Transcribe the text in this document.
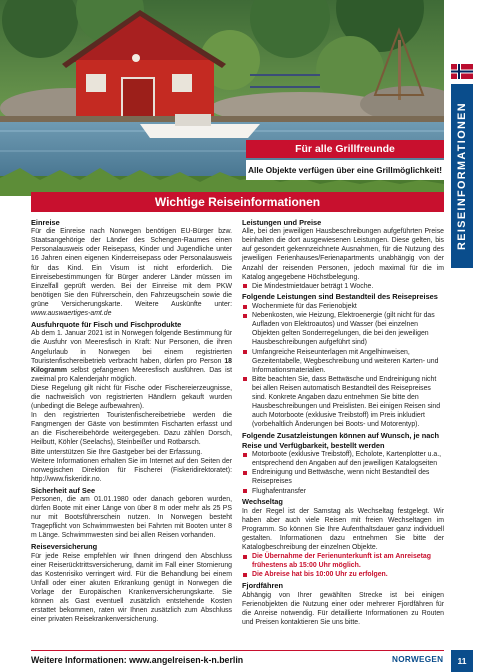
Für alle Grillfreunde
Alle Objekte verfügen über eine Grillmöglichkeit! REISEINFORMATIONEN
Wichtige Reiseinformationen
Einreise

Für die Einreise nach Norwegen benötigen EU-Bürger bzw. Staatsangehörige der Länder des Schengen-Raumes einen Personalausweis oder Reisepass, Kinder und Jugendliche unter 16 Jahren einen eigenen Kinderreisepass oder Personalausweis für das Kind. Ein Visum ist nicht erforderlich. Die Einreisebestimmungen für Bürger anderer Länder müssen im Einzelfall geprüft werden. Bei der Einreise mit dem PKW benötigen Sie den Führerschein, den Fahrzeugschein sowie die grüne Versicherungskarte. Weitere Auskünfte unter: www.auswaertiges-amt.de

Ausfuhrquote für Fisch und Fischprodukte

Ab dem 1. Januar 2021 ist in Norwegen folgende Bestimmung für die Ausfuhr von Meeresfisch in Kraft: Nur Personen, die ihren Angelurlaub in Norwegen bei einem registrierten Touristenfischereibetrieb verbracht haben, dürfen pro Person 18 Kilogramm selbst gefangenen Meeresfisch ausführen. Das ist zweimal pro Kalenderjahr möglich.

Diese Regelung gilt nicht für Fische oder Fischereierzeugnisse, die nachweislich von registrierten Händlern gekauft wurden (unbedingt die Belege aufbewahren).

In den registrierten Touristenfischereibetriebe werden die Fangmengen der Gäste von bestimmten Fischarten erfasst und an die Fischereibehörde weitergegeben. Dazu zählen Dorsch, Heilbutt, Köhler (Seelachs), Steinbeißer und Rotbarsch.

Bitte unterstützen Sie Ihre Gastgeber bei der Erfassung.

Weitere Informationen erhalten Sie im Internet auf den Seiten der norwegischen Direktion für Fischerei (Fiskeridirektoratet): http://www.fiskeridir.no.

Sicherheit auf See

Personen, die am 01.01.1980 oder danach geboren wurden, dürfen Boote mit einer Länge von über 8 m oder mehr als 25 PS nur mit Bootsführerschein nutzen. In Norwegen besteht Tragepflicht von Schwimmwesten bei Fahrten mit Booten unter 8 m Länge. Schwimmwesten sind bei allen Reisen vorhanden.

Reiseversicherung

Für jede Reise empfehlen wir Ihnen dringend den Abschluss einer Reiserücktrittsversicherung, damit im Fall einer Stornierung das Kostenrisiko verringert wird. Für die Behandlung bei einem Unfall oder einer akuten Erkrankung genügt in Norwegen die Vorlage der Europäischen Krankenversicherungskarte. Sie können als Gast eventuell zusätzlich entstehende Kosten erstattet bekommen, raten wir Ihnen zusätzlich zum Abschluss einer privaten Reisekrankenversicherung.

Leistungen und Preise

Alle, bei den jeweiligen Hausbeschreibungen aufgeführten Preise beinhalten die dort ausgewiesenen Leistungen. Diese gelten, bis auf gesondert gekennzeichnete Ausnahmen, für die Nutzung des jeweiligen Ferienhauses/Ferienapartments unabhängig von der Anzahl der reisenden Personen, jedoch maximal für die im Katalog angegebene Höchstbelegung.

Die Mindestmietdauer beträgt 1 Woche.
Folgende Leistungen sind Bestandteil des Reisepreises
Wochenmiete für das Ferienobjekt
Nebenkosten, wie Heizung, Elektroenergie (gilt nicht für das Aufladen von Elektroautos) und Wasser (bei einzelnen Objekten gelten Sonderregelungen, die bei den jeweiligen Hausbeschreibungen aufgeführt sind)
Umfangreiche Reiseunterlagen mit Angelhinweisen, Gezeitentabelle, Wegbeschreibung und weiteren Karten- und Informationsmaterialien.
Bitte beachten Sie, dass Bettwäsche und Endreinigung nicht bei allen Reisen automatisch Bestandteil des Reisepreises sind. Konkrete Angaben dazu entnehmen Sie bitte den Hausbeschreibungen und Preislisten. Bei einigen Reisen sind auch Motorboote (exklusive Treibstoff) im Preis inkludiert (vorbehaltlich Änderungen bei Boots- und Motorentyp).
Folgende Zusatzleistungen können auf Wunsch, je nach Reise und Verfügbarkeit, bestellt werden
Motorboote (exklusive Treibstoff), Echolote, Kartenplotter u.a., entsprechend den Angaben auf den jeweiligen Katalogseiten
Endreinigung und Bettwäsche, wenn nicht Bestandteil des Reisepreises
Flughafentransfer
Wechseltag

In der Regel ist der Samstag als Wechseltag festgelegt. Wir haben aber auch viele Reisen mit freien Wechseltagen im Programm. So können Sie Ihre Aufenthaltsdauer ganz individuell gestalten. Informationen dazu entnehmen Sie bitte der Katalogbeschreibung der einzelnen Objekte.

Die Übernahme der Ferienunterkunft ist am Anreisetag frühestens ab 15:00 Uhr möglich.
Die Abreise hat bis 10:00 Uhr zu erfolgen.
Fjordfähren

Abhängig von Ihrer gewählten Strecke ist bei einigen Ferienobjekten die Nutzung einer oder mehrerer Fjordfähren für die Anreise notwendig. Für detaillierte Informationen zu Routen und Preisen kontaktieren Sie uns bitte.

Weitere Informationen: www.angelreisen-k-n.berlin	NORWEGEN	11
